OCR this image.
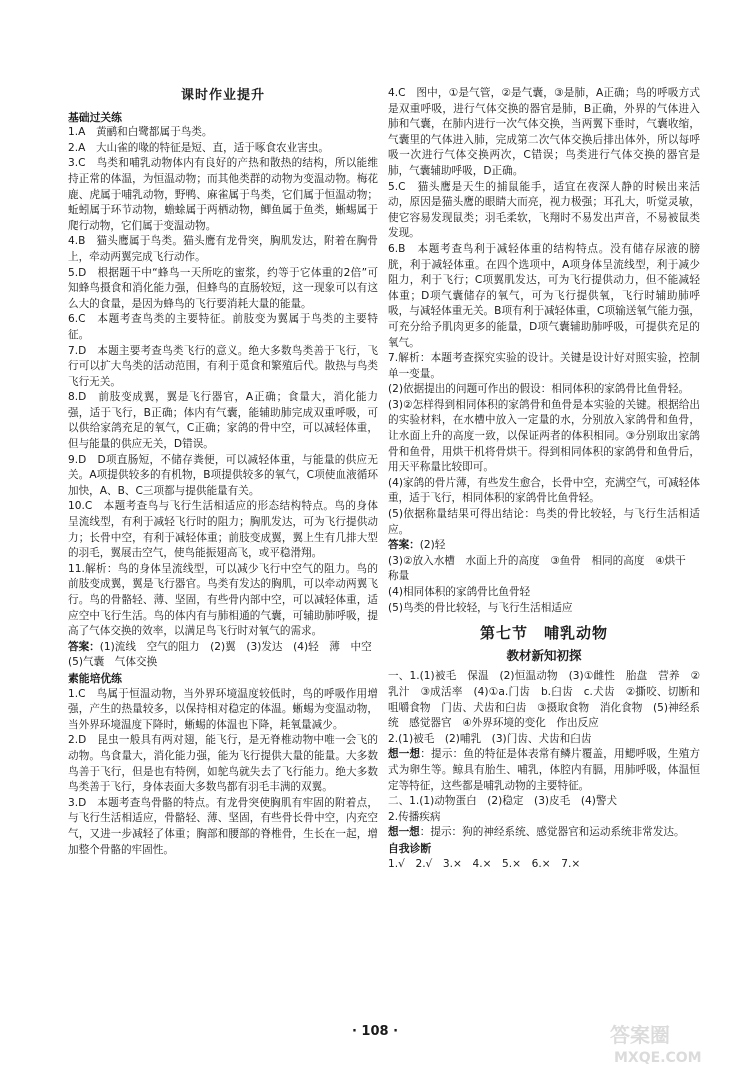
课时作业提升
基础过关练

1.A　黄鹂和白鹭都属于鸟类。

2.A　大山雀的喙的特征是短、直，适于啄食农业害虫。

3.C　鸟类和哺乳动物体内有良好的产热和散热的结构，所以能维持正常的体温，为恒温动物；而其他类群的动物为变温动物。梅花鹿、虎属于哺乳动物，野鸭、麻雀属于鸟类，它们属于恒温动物；蚯蚓属于环节动物，蟾蜍属于两栖动物，鲫鱼属于鱼类，蜥蜴属于爬行动物，它们属于变温动物。

4.B　猫头鹰属于鸟类。猫头鹰有龙骨突，胸肌发达，附着在胸骨上，牵动两翼完成飞行动作。

5.D　根据题干中“蜂鸟一天所吃的蜜浆，约等于它体重的2倍”可知蜂鸟摄食和消化能力强，但蜂鸟的直肠较短，这一现象可以有这么大的食量，是因为蜂鸟的飞行要消耗大量的能量。

6.C　本题考查鸟类的主要特征。前肢变为翼属于鸟类的主要特征。

7.D　本题主要考查鸟类飞行的意义。绝大多数鸟类善于飞行，飞行可以扩大鸟类的活动范围，有利于觅食和繁殖后代。散热与鸟类飞行无关。

8.D　前肢变成翼，翼是飞行器官，A正确；食量大，消化能力强，适于飞行，B正确；体内有气囊，能辅助肺完成双重呼吸，可以供给家鸽充足的氧气，C正确；家鸽的骨中空，可以减轻体重，但与能量的供应无关，D错误。

9.D　D项直肠短，不储存粪便，可以减轻体重，与能量的供应无关。A项提供较多的有机物，B项提供较多的氧气，C项使血液循环加快，A、B、C三项都与提供能量有关。

10.C　本题考查鸟与飞行生活相适应的形态结构特点。鸟的身体呈流线型，有利于减轻飞行时的阻力；胸肌发达，可为飞行提供动力；长骨中空，有利于减轻体重；前肢变成翼，翼上生有几排大型的羽毛，翼展击空气，使鸟能振翅高飞，或平稳滑翔。

11.解析：鸟的身体呈流线型，可以减少飞行中空气的阻力。鸟的前肢变成翼，翼是飞行器官。鸟类有发达的胸肌，可以牵动两翼飞行。鸟的骨骼轻、薄、坚固，有些骨内部中空，可以减轻体重，适应空中飞行生活。鸟的体内有与肺相通的气囊，可辅助肺呼吸，提高了气体交换的效率，以满足鸟飞行时对氧气的需求。

答案：(1)流线　空气的阻力　(2)翼　(3)发达　(4)轻　薄　中空　(5)气囊　气体交换

素能培优练

1.C　鸟属于恒温动物，当外界环境温度较低时，鸟的呼吸作用增强，产生的热量较多，以保持相对稳定的体温。蜥蜴为变温动物，当外界环境温度下降时，蜥蜴的体温也下降，耗氧量减少。

2.D　昆虫一般具有两对翅，能飞行，是无脊椎动物中唯一会飞的动物。鸟食量大，消化能力强，能为飞行提供大量的能量。大多数鸟善于飞行，但是也有特例，如鸵鸟就失去了飞行能力。绝大多数鸟类善于飞行，身体表面大多数鸟都有羽毛丰满的双翼。

3.D　本题考查鸟骨骼的特点。有龙骨突使胸肌有牢固的附着点，与飞行生活相适应，骨骼轻、薄、坚固，有些骨长骨中空，内充空气，又进一步减轻了体重；胸部和腰部的脊椎骨，生长在一起，增加整个骨骼的牢固性。

4.C　图中，①是气管，②是气囊，③是肺，A正确；鸟的呼吸方式是双重呼吸，进行气体交换的器官是肺，B正确，外界的气体进入肺和气囊，在肺内进行一次气体交换，当两翼下垂时，气囊收缩，气囊里的气体进入肺，完成第二次气体交换后排出体外，所以每呼吸一次进行气体交换两次，C错误；鸟类进行气体交换的器官是肺，气囊辅助呼吸，D正确。

5.C　猫头鹰是天生的捕鼠能手，适宜在夜深人静的时候出来活动，原因是猫头鹰的眼睛大而亮，视力极强；耳孔大，听觉灵敏，使它容易发现鼠类；羽毛柔软，飞翔时不易发出声音，不易被鼠类发现。

6.B　本题考查鸟利于减轻体重的结构特点。没有储存尿液的膀胱，利于减轻体重。在四个选项中，A项身体呈流线型，利于减少阻力，利于飞行；C项翼肌发达，可为飞行提供动力，但不能减轻体重；D项气囊储存的氧气，可为飞行提供氧，飞行时辅助肺呼吸，与减轻体重无关。B项有利于减轻体重，C项输送氧气能力强，可充分给予肌肉更多的能量，D项气囊辅助肺呼吸，可提供充足的氧气。

7.解析：本题考查探究实验的设计。关键是设计好对照实验，控制单一变量。

(2)依据提出的问题可作出的假设：相同体积的家鸽骨比鱼骨轻。

(3)②怎样得到相同体积的家鸽骨和鱼骨是本实验的关键。根据给出的实验材料，在水槽中放入一定量的水，分别放入家鸽骨和鱼骨，让水面上升的高度一致，以保证两者的体积相同。③分别取出家鸽骨和鱼骨，用烘干机将骨烘干。得到相同体积的家鸽骨和鱼骨后，用天平称量比较即可。

(4)家鸽的骨片薄，有些发生愈合，长骨中空，充满空气，可减轻体重，适于飞行，相同体积的家鸽骨比鱼骨轻。

(5)依据称量结果可得出结论：鸟类的骨比较轻，与飞行生活相适应。

答案：(2)轻

(3)②放入水槽　水面上升的高度　③鱼骨　相同的高度　④烘干　称量

(4)相同体积的家鸽骨比鱼骨轻

(5)鸟类的骨比较轻，与飞行生活相适应

第七节　哺乳动物
教材新知初探

一、1.(1)被毛　保温　(2)恒温动物　(3)①雌性　胎盘　营养　②乳汁　③成活率　(4)①a.门齿　b.臼齿　c.犬齿　②撕咬、切断和咀嚼食物　门齿、犬齿和臼齿　③摄取食物　消化食物　(5)神经系统　感觉器官　④外界环境的变化　作出反应

2.(1)被毛　(2)哺乳　(3)门齿、犬齿和臼齿

想一想：提示：鱼的特征是体表常有鳞片覆盖，用鳃呼吸，生殖方式为卵生等。鲸具有胎生、哺乳，体腔内有膈，用肺呼吸，体温恒定等特征，这些都是哺乳动物的主要特征。

二、1.(1)动物蛋白　(2)稳定　(3)皮毛　(4)警犬

2.传播疾病

想一想：提示：狗的神经系统、感觉器官和运动系统非常发达。

自我诊断

1.√　2.√　3.×　4.×　5.×　6.×　7.×

· 108 ·	答案圈
MXQE.COM
